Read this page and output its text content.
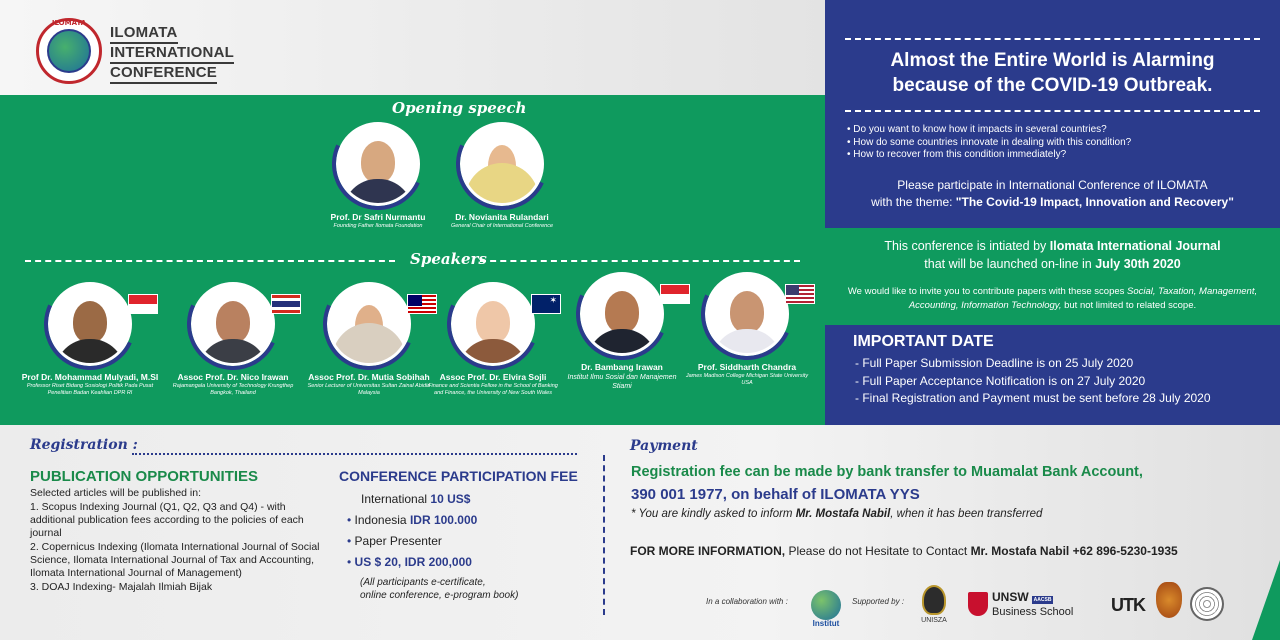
ILOMATA
ILOMATA
INTERNATIONAL
CONFERENCE
Opening speech
Prof. Dr Safri Nurmantu
Founding Father Ilomata Foundation
Dr. Novianita Rulandari
General Chair of International Conference
Speakers
Prof Dr. Mohammad Mulyadi, M.SI
Professor Riset Bidang Sosiologi Politik Pada Pusat Penelitian Badan Keahlian DPR RI
Assoc Prof. Dr. Nico Irawan
Rajamangala University of Technology Krungthep Bangkok, Thailand
Assoc Prof. Dr. Mutia Sobihah
Senior Lecturer of Universitas Sultan Zainal Abidin Malaysia
✶
Assoc Prof. Dr. Elvira Sojli
Finance and Scientia Fellow in the School of Banking and Finance, the University of New South Wales
Dr. Bambang Irawan
Institut Ilmu Sosial dan Manajemen Stiami
Prof. Siddharth Chandra
James Madison College Michigan State University USA
Almost the Entire World is Alarming
because of the COVID-19 Outbreak.
• Do you want to know how it impacts in several countries?
• How do some countries innovate in dealing with this condition?
• How to recover from this condition immediately?
Please participate in International Conference of ILOMATA
with the theme: "The Covid-19 Impact, Innovation and Recovery"
This conference is intiated by Ilomata International Journal
that will be launched on-line in July 30th 2020
We would like to invite you to contribute papers with these scopes Social, Taxation, Management, Accounting, Information Technology, but not limited to related scope.
IMPORTANT DATE
- Full Paper Submission Deadline is on 25 July 2020
- Full Paper Acceptance Notification is on 27 July 2020
- Final Registration and Payment must be sent before 28 July 2020
Registration :
PUBLICATION OPPORTUNITIES
Selected articles will be published in:
1. Scopus Indexing Journal (Q1, Q2, Q3 and Q4) - with additional publication fees according to the policies of each journal
2. Copernicus Indexing (Ilomata International Journal of Social Science, Ilomata International Journal of Tax and Accounting, Ilomata International Journal of Management)
3. DOAJ Indexing- Majalah Ilmiah Bijak
CONFERENCE PARTICIPATION FEE
International 10 US$
• Indonesia IDR 100.000
• Paper Presenter
• US $ 20, IDR 200,000
(All participants e-certificate,
online conference, e-program book)
Payment
Registration fee can be made by bank transfer to Muamalat Bank Account,
390 001 1977, on behalf of ILOMATA YYS
* You are kindly asked to inform Mr. Mostafa Nabil, when it has been transferred
FOR MORE INFORMATION, Please do not Hesitate to Contact Mr. Mostafa Nabil +62 896-5230-1935
In a collaboration with :
Institut
Supported by :
UNISZA
UNSW AACSB
Business School	UTK
